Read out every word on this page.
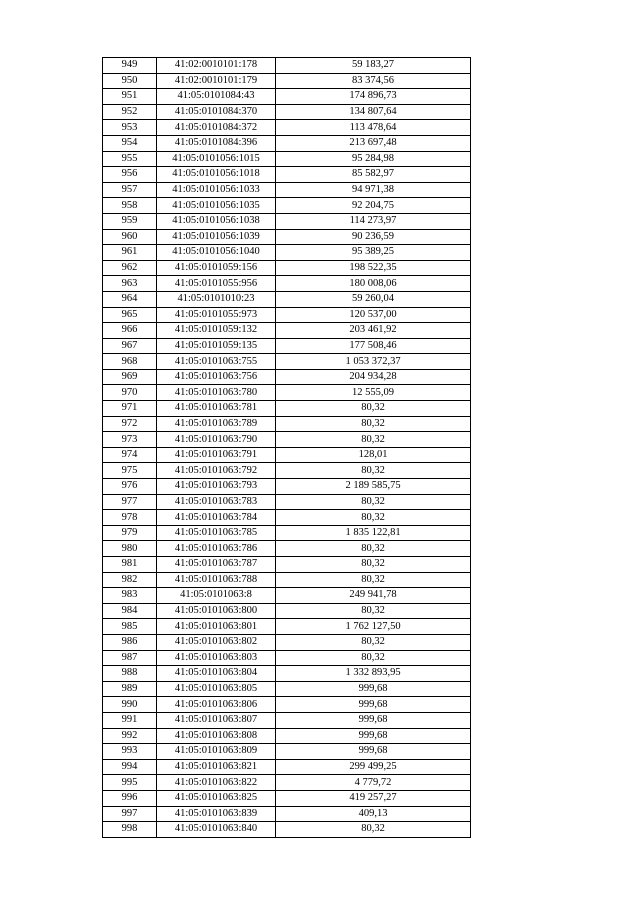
949	41:02:0010101:178	59 183,27
950	41:02:0010101:179	83 374,56
951	41:05:0101084:43	174 896,73
952	41:05:0101084:370	134 807,64
953	41:05:0101084:372	113 478,64
954	41:05:0101084:396	213 697,48
955	41:05:0101056:1015	95 284,98
956	41:05:0101056:1018	85 582,97
957	41:05:0101056:1033	94 971,38
958	41:05:0101056:1035	92 204,75
959	41:05:0101056:1038	114 273,97
960	41:05:0101056:1039	90 236,59
961	41:05:0101056:1040	95 389,25
962	41:05:0101059:156	198 522,35
963	41:05:0101055:956	180 008,06
964	41:05:0101010:23	59 260,04
965	41:05:0101055:973	120 537,00
966	41:05:0101059:132	203 461,92
967	41:05:0101059:135	177 508,46
968	41:05:0101063:755	1 053 372,37
969	41:05:0101063:756	204 934,28
970	41:05:0101063:780	12 555,09
971	41:05:0101063:781	80,32
972	41:05:0101063:789	80,32
973	41:05:0101063:790	80,32
974	41:05:0101063:791	128,01
975	41:05:0101063:792	80,32
976	41:05:0101063:793	2 189 585,75
977	41:05:0101063:783	80,32
978	41:05:0101063:784	80,32
979	41:05:0101063:785	1 835 122,81
980	41:05:0101063:786	80,32
981	41:05:0101063:787	80,32
982	41:05:0101063:788	80,32
983	41:05:0101063:8	249 941,78
984	41:05:0101063:800	80,32
985	41:05:0101063:801	1 762 127,50
986	41:05:0101063:802	80,32
987	41:05:0101063:803	80,32
988	41:05:0101063:804	1 332 893,95
989	41:05:0101063:805	999,68
990	41:05:0101063:806	999,68
991	41:05:0101063:807	999,68
992	41:05:0101063:808	999,68
993	41:05:0101063:809	999,68
994	41:05:0101063:821	299 499,25
995	41:05:0101063:822	4 779,72
996	41:05:0101063:825	419 257,27
997	41:05:0101063:839	409,13
998	41:05:0101063:840	80,32
